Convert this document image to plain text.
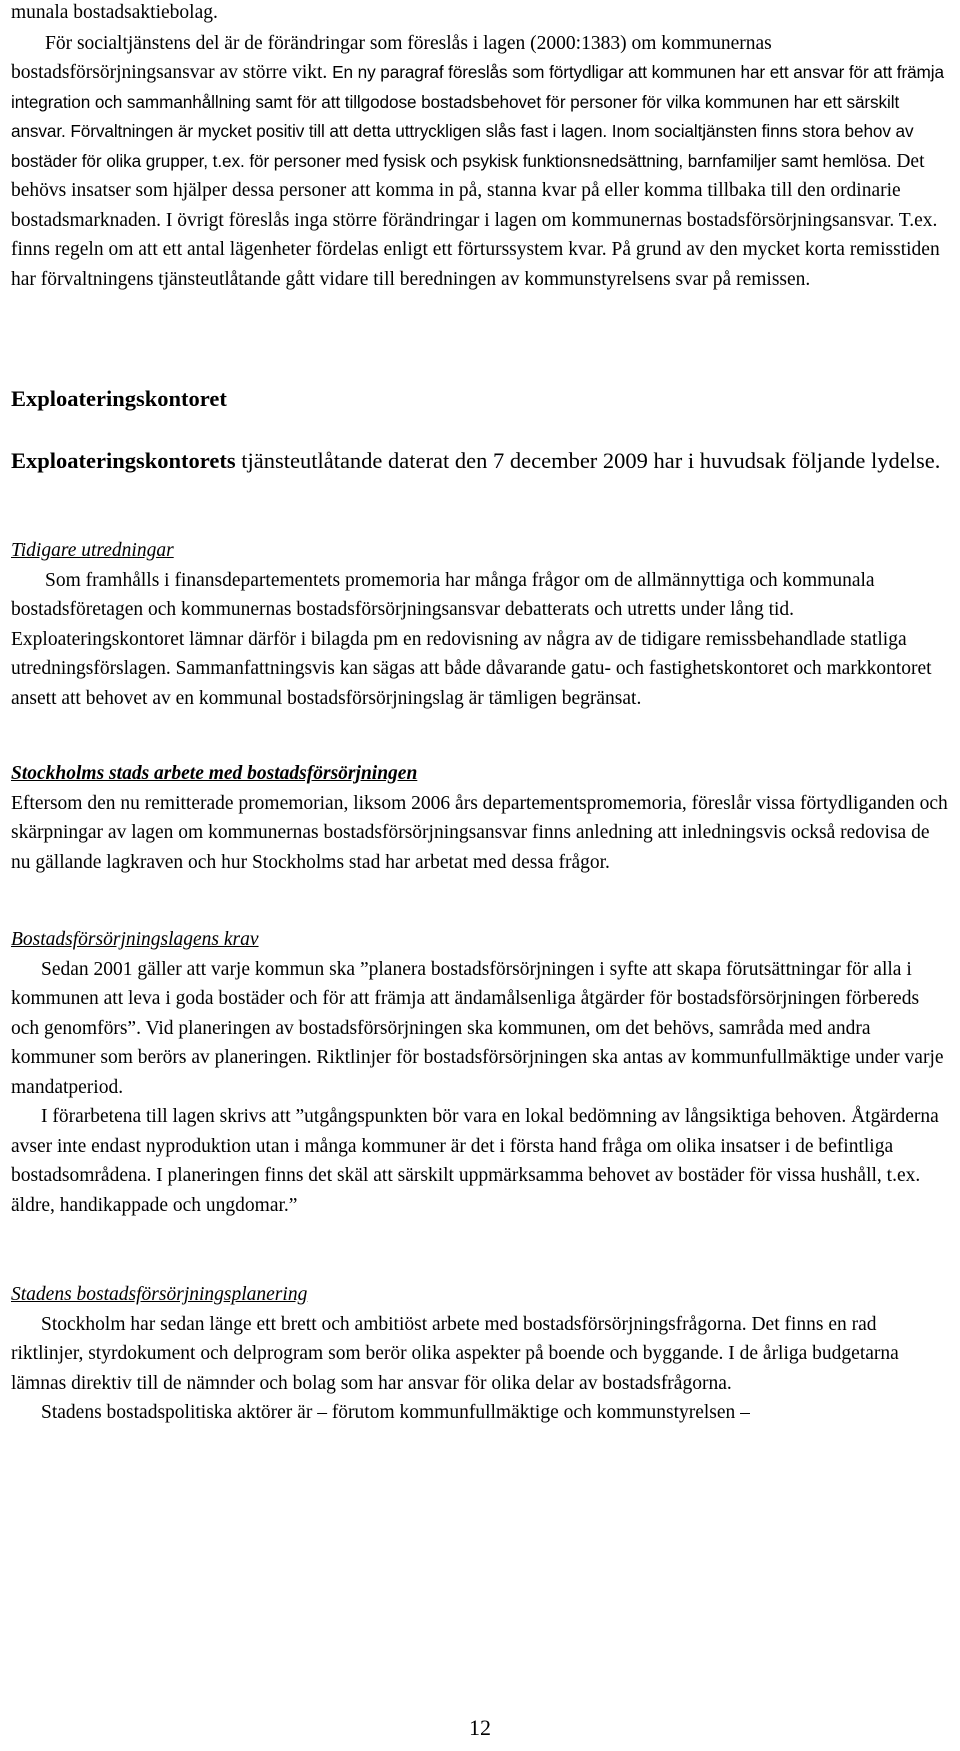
munala bostadsaktiebolag.

För socialtjänstens del är de förändringar som föreslås i lagen (2000:1383) om kommunernas bostadsförsörjningsansvar av större vikt. En ny paragraf föreslås som förtydligar att kommunen har ett ansvar för att främja integration och sammanhållning samt för att tillgodose bostadsbehovet för personer för vilka kommunen har ett särskilt ansvar. Förvaltningen är mycket positiv till att detta uttryckligen slås fast i lagen. Inom socialtjänsten finns stora behov av bostäder för olika grupper, t.ex. för personer med fysisk och psykisk funktionsnedsättning, barnfamiljer samt hemlösa. Det behövs insatser som hjälper dessa personer att komma in på, stanna kvar på eller komma tillbaka till den ordinarie bostadsmarknaden. I övrigt föreslås inga större förändringar i lagen om kommunernas bostadsförsörjningsansvar. T.ex. finns regeln om att ett antal lägenheter fördelas enligt ett förturssystem kvar. På grund av den mycket korta remisstiden har förvaltningens tjänsteutlåtande gått vidare till beredningen av kommunstyrelsens svar på remissen.

Exploateringskontoret

Exploateringskontorets tjänsteutlåtande daterat den 7 december 2009 har i huvudsak följande lydelse.

Tidigare utredningar

Som framhålls i finansdepartementets promemoria har många frågor om de allmännyttiga och kommunala bostadsföretagen och kommunernas bostadsförsörjningsansvar debatterats och utretts under lång tid. Exploateringskontoret lämnar därför i bilagda pm en redovisning av några av de tidigare remissbehandlade statliga utredningsförslagen. Sammanfattningsvis kan sägas att både dåvarande gatu- och fastighetskontoret och markkontoret ansett att behovet av en kommunal bostadsförsörjningslag är tämligen begränsat.

Stockholms stads arbete med bostadsförsörjningen

Eftersom den nu remitterade promemorian, liksom 2006 års departementspromemoria, föreslår vissa förtydliganden och skärpningar av lagen om kommunernas bostadsförsörjningsansvar finns anledning att inledningsvis också redovisa de nu gällande lagkraven och hur Stockholms stad har arbetat med dessa frågor.

Bostadsförsörjningslagens krav

Sedan 2001 gäller att varje kommun ska ”planera bostadsförsörjningen i syfte att skapa förutsättningar för alla i kommunen att leva i goda bostäder och för att främja att ändamålsenliga åtgärder för bostadsförsörjningen förbereds och genomförs”. Vid planeringen av bostadsförsörjningen ska kommunen, om det behövs, samråda med andra kommuner som berörs av planeringen. Riktlinjer för bostadsförsörjningen ska antas av kommunfullmäktige under varje mandatperiod.

I förarbetena till lagen skrivs att ”utgångspunkten bör vara en lokal bedömning av långsiktiga behoven. Åtgärderna avser inte endast nyproduktion utan i många kommuner är det i första hand fråga om olika insatser i de befintliga bostadsområdena. I planeringen finns det skäl att särskilt uppmärksamma behovet av bostäder för vissa hushåll, t.ex. äldre, handikappade och ungdomar.”

Stadens bostadsförsörjningsplanering

Stockholm har sedan länge ett brett och ambitiöst arbete med bostadsförsörjningsfrågorna. Det finns en rad riktlinjer, styrdokument och delprogram som berör olika aspekter på boende och byggande. I de årliga budgetarna lämnas direktiv till de nämnder och bolag som har ansvar för olika delar av bostadsfrågorna.

Stadens bostadspolitiska aktörer är – förutom kommunfullmäktige och kommunstyrelsen –

12
